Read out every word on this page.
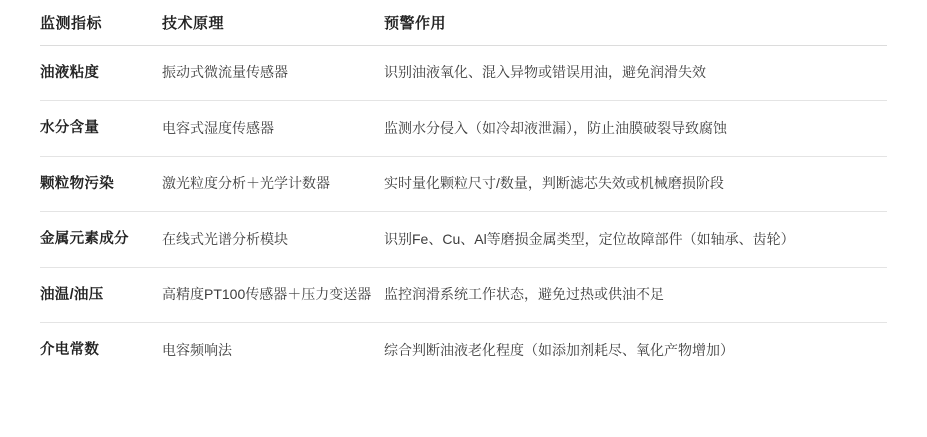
监测指标	技术原理	预警作用
油液粘度	振动式微流量传感器	识别油液氧化、混入异物或错误用油，避免润滑失效
水分含量	电容式湿度传感器	监测水分侵入（如冷却液泄漏），防止油膜破裂导致腐蚀
颗粒物污染	激光粒度分析＋光学计数器	实时量化颗粒尺寸/数量，判断滤芯失效或机械磨损阶段
金属元素成分	在线式光谱分析模块	识别Fe、Cu、Al等磨损金属类型，定位故障部件（如轴承、齿轮）
油温/油压	高精度PT100传感器＋压力变送器	监控润滑系统工作状态，避免过热或供油不足
介电常数	电容频响法	综合判断油液老化程度（如添加剂耗尽、氧化产物增加）
